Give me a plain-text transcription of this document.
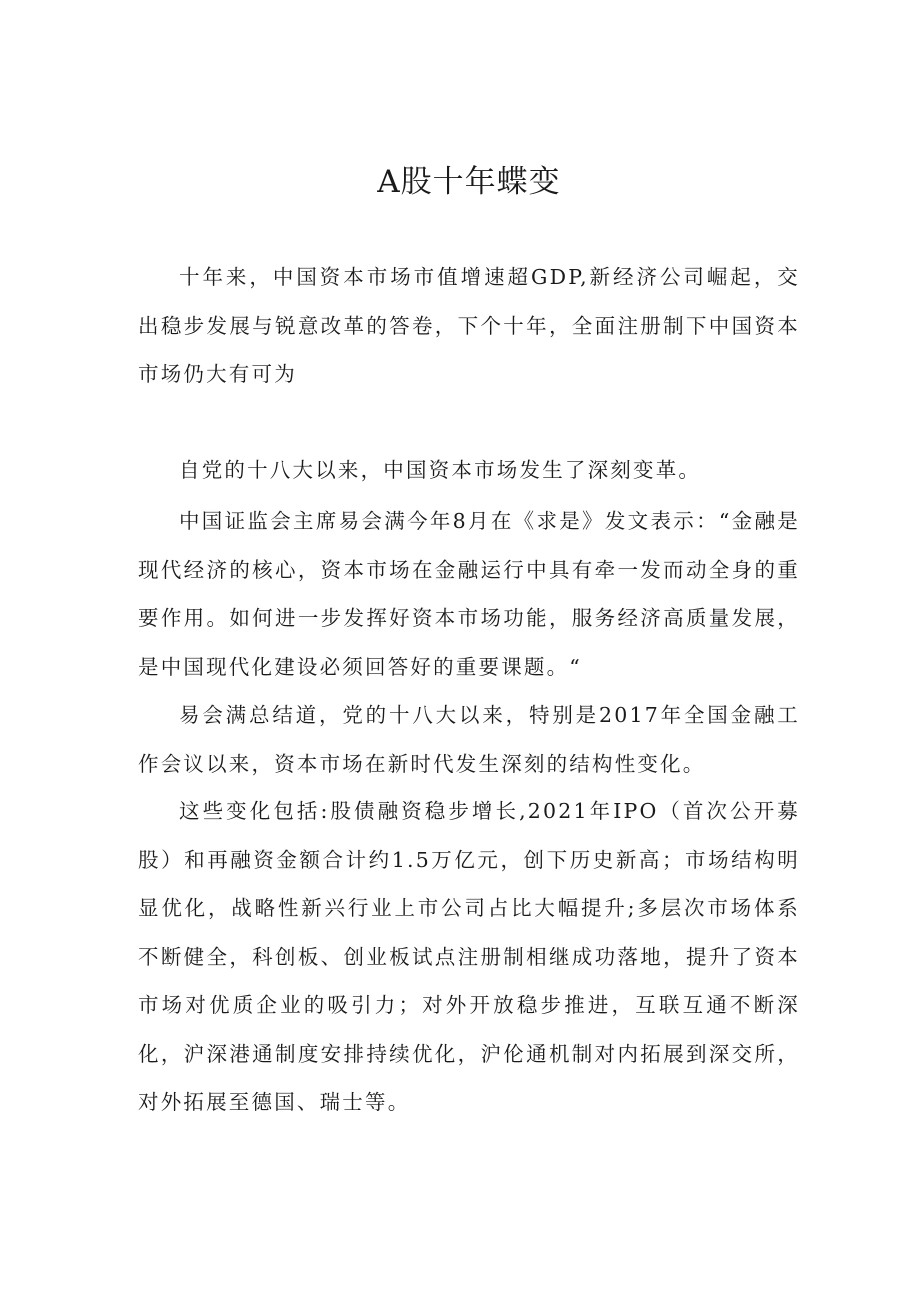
A股十年蝶变

十年来，中国资本市场市值增速超GDP,新经济公司崛起，交出稳步发展与锐意改革的答卷，下个十年，全面注册制下中国资本市场仍大有可为

自党的十八大以来，中国资本市场发生了深刻变革。

中国证监会主席易会满今年8月在《求是》发文表示：“金融是现代经济的核心，资本市场在金融运行中具有牵一发而动全身的重要作用。如何进一步发挥好资本市场功能，服务经济高质量发展，是中国现代化建设必须回答好的重要课题。“

易会满总结道，党的十八大以来，特别是2017年全国金融工作会议以来，资本市场在新时代发生深刻的结构性变化。

这些变化包括:股债融资稳步增长,2021年IPO（首次公开募股）和再融资金额合计约1.5万亿元，创下历史新高；市场结构明显优化，战略性新兴行业上市公司占比大幅提升;多层次市场体系不断健全，科创板、创业板试点注册制相继成功落地，提升了资本市场对优质企业的吸引力；对外开放稳步推进，互联互通不断深化，沪深港通制度安排持续优化，沪伦通机制对内拓展到深交所，对外拓展至德国、瑞士等。
